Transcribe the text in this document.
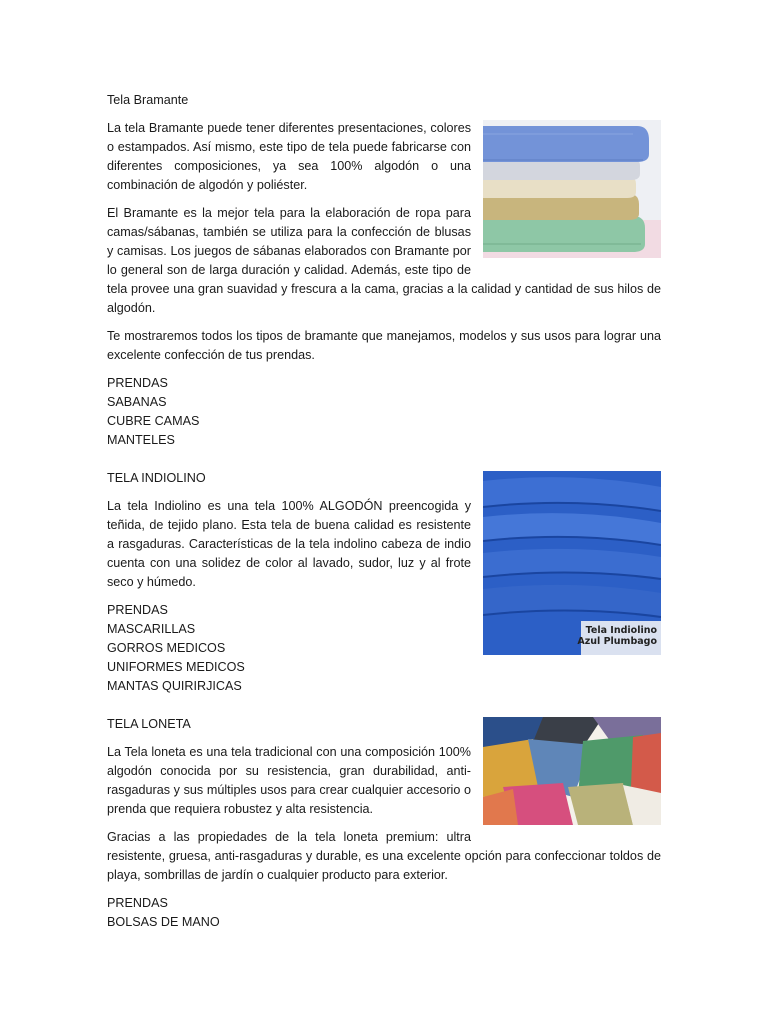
Tela Bramante

La tela Bramante puede tener diferentes presentaciones, colores o estampados. Así mismo, este tipo de tela puede fabricarse con diferentes composiciones, ya sea 100% algodón o una combinación de algodón y poliéster.

El Bramante es la mejor tela para la elaboración de ropa para camas/sábanas, también se utiliza para la confección de blusas y camisas. Los juegos de sábanas elaborados con Bramante por lo general son de larga duración y calidad. Además, este tipo de tela provee una gran suavidad y frescura a la cama, gracias a la calidad y cantidad de sus hilos de algodón.

Te mostraremos todos los tipos de bramante que manejamos, modelos y sus usos para lograr una excelente confección de tus prendas.

PRENDAS
SABANAS
CUBRE CAMAS
MANTELES
TELA INDIOLINO
Tela Indiolino
Azul Plumbago

La tela Indiolino es una tela 100% ALGODÓN preencogida y teñida, de tejido plano. Esta tela de buena calidad es resistente a rasgaduras. Características de la tela indolino cabeza de indio cuenta con una solidez de color al lavado, sudor, luz y al frote seco y húmedo.

PRENDAS
MASCARILLAS
GORROS MEDICOS
UNIFORMES MEDICOS
MANTAS QUIRIRJICAS
TELA LONETA

La Tela loneta es una tela tradicional con una composición 100% algodón conocida por su resistencia, gran durabilidad, anti-rasgaduras y sus múltiples usos para crear cualquier accesorio o prenda que requiera robustez y alta resistencia.

Gracias a las propiedades de la tela loneta premium: ultra resistente, gruesa, anti-rasgaduras y durable, es una excelente opción para confeccionar toldos de playa, sombrillas de jardín o cualquier producto para exterior.

PRENDAS
BOLSAS DE MANO
